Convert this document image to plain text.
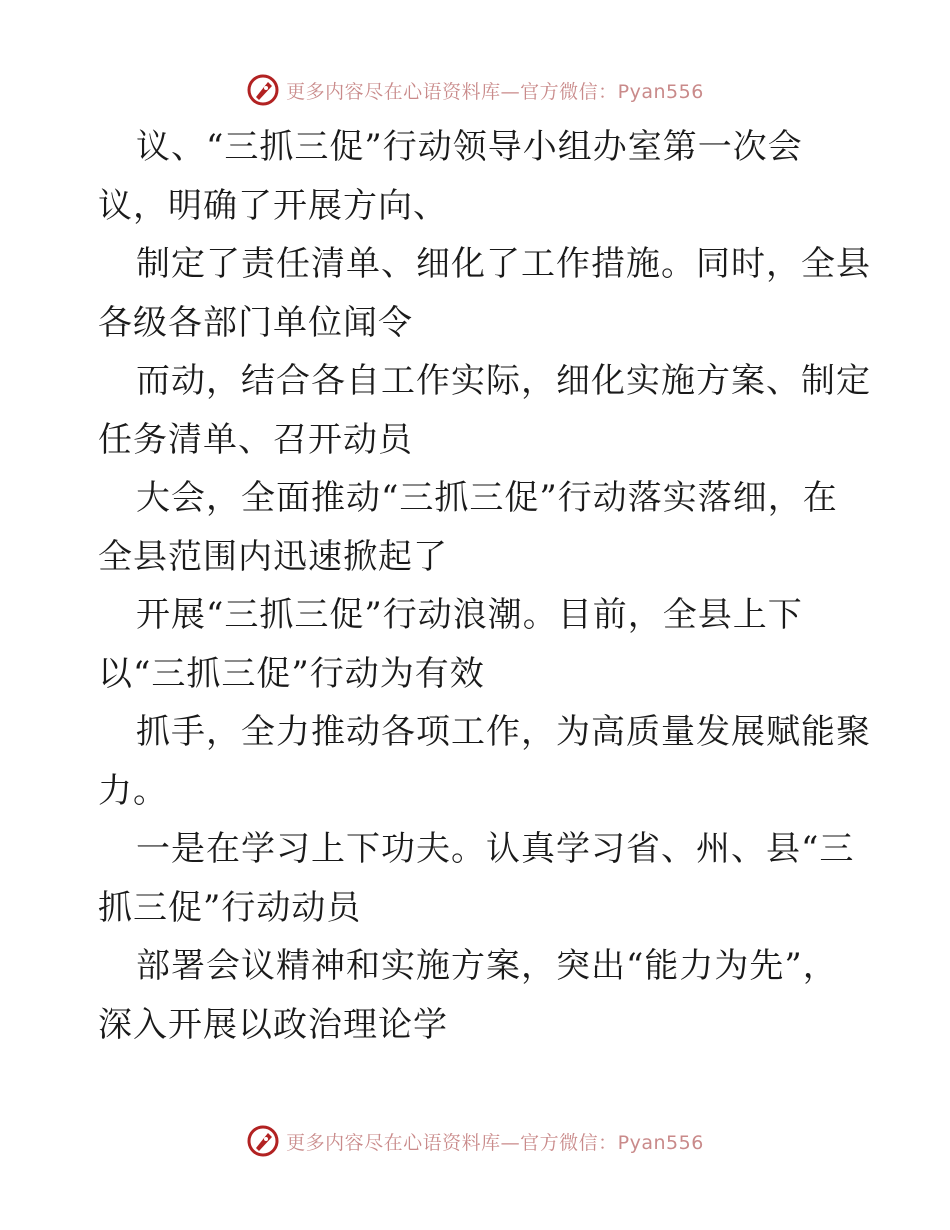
更多内容尽在心语资料库—官方微信：Pyan556
议、“三抓三促”行动领导小组办室第一次会
议，明确了开展方向、
制定了责任清单、细化了工作措施。同时，全县
各级各部门单位闻令
而动，结合各自工作实际，细化实施方案、制定
任务清单、召开动员
大会，全面推动“三抓三促”行动落实落细，在
全县范围内迅速掀起了
开展“三抓三促”行动浪潮。目前，全县上下
以“三抓三促”行动为有效
抓手，全力推动各项工作，为高质量发展赋能聚
力。
一是在学习上下功夫。认真学习省、州、县“三
抓三促”行动动员
部署会议精神和实施方案，突出“能力为先”，
深入开展以政治理论学
更多内容尽在心语资料库—官方微信：Pyan556
